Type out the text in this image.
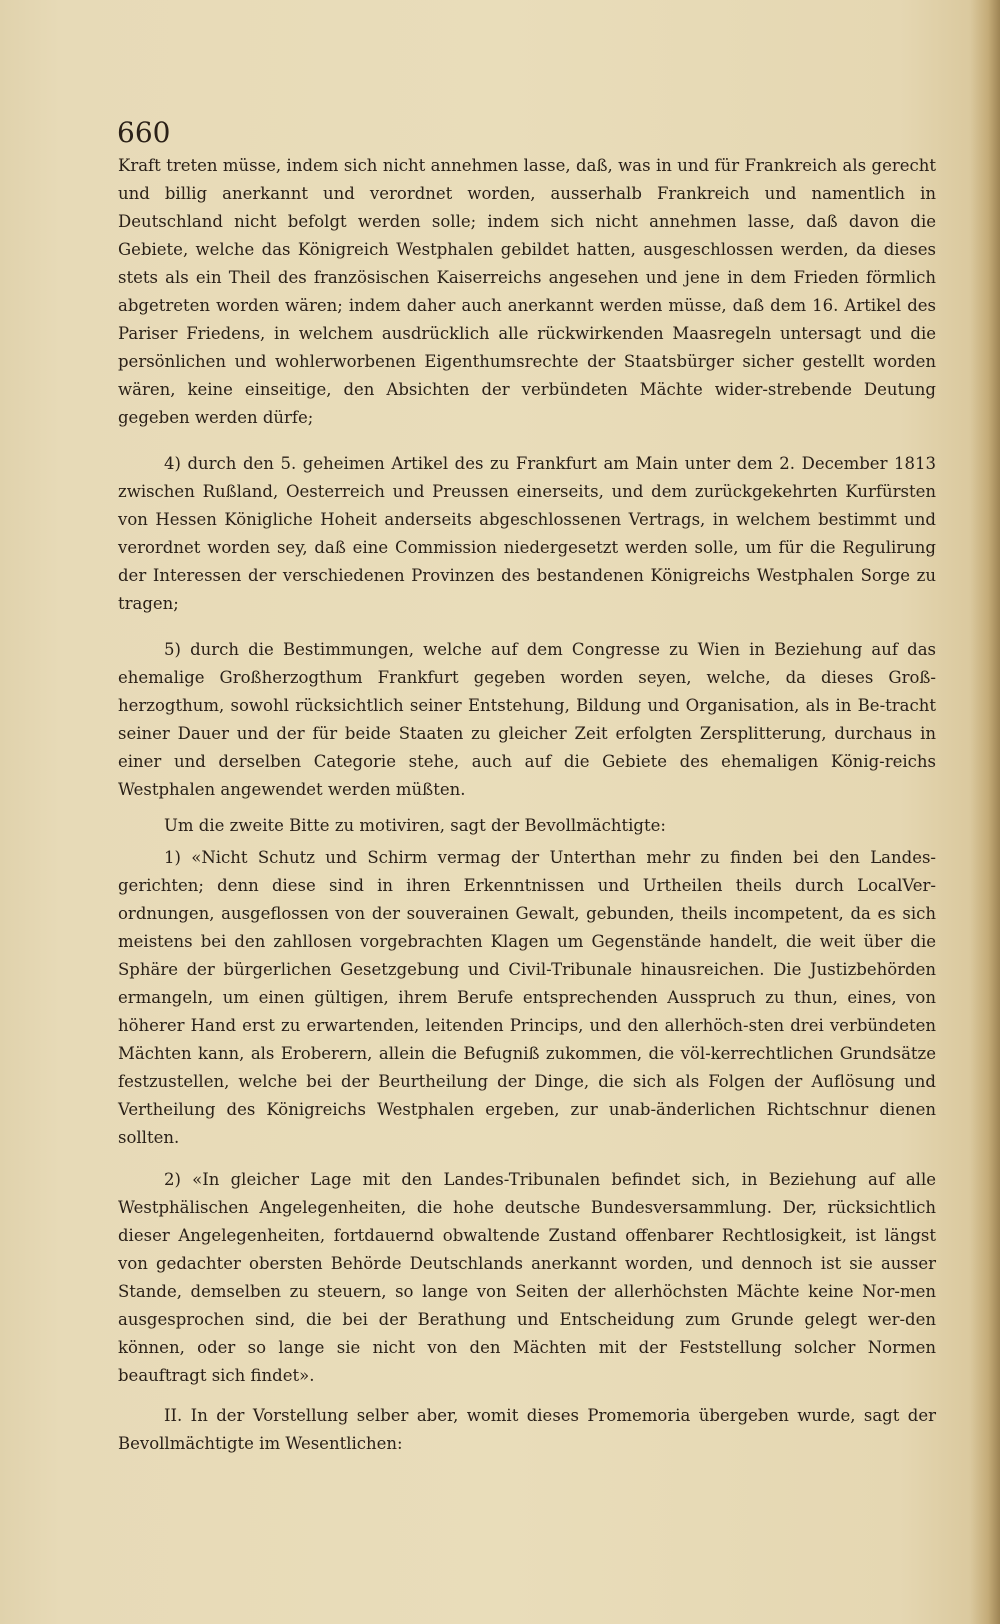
660

Kraft treten müsse, indem sich nicht annehmen lasse, daß, was in und für Frankreich als gerecht und billig anerkannt und verordnet worden, ausserhalb Frankreich und namentlich in Deutschland nicht befolgt werden solle; indem sich nicht annehmen lasse, daß davon die Gebiete, welche das Königreich Westphalen gebildet hatten, ausgeschlossen werden, da dieses stets als ein Theil des französischen Kaiserreichs angesehen und jene in dem Frieden förmlich abgetreten worden wären; indem daher auch anerkannt werden müsse, daß dem 16. Artikel des Pariser Friedens, in welchem ausdrücklich alle rückwirkenden Maasregeln untersagt und die persönlichen und wohlerworbenen Eigenthumsrechte der Staatsbürger sicher gestellt worden wären, keine einseitige, den Absichten der verbündeten Mächte wider-strebende Deutung gegeben werden dürfe;

4) durch den 5. geheimen Artikel des zu Frankfurt am Main unter dem 2. December 1813 zwischen Rußland, Oesterreich und Preussen einerseits, und dem zurückgekehrten Kurfürsten von Hessen Königliche Hoheit anderseits abgeschlossenen Vertrags, in welchem bestimmt und verordnet worden sey, daß eine Commission niedergesetzt werden solle, um für die Regulirung der Interessen der verschiedenen Provinzen des bestandenen Königreichs Westphalen Sorge zu tragen;

5) durch die Bestimmungen, welche auf dem Congresse zu Wien in Beziehung auf das ehemalige Großherzogthum Frankfurt gegeben worden seyen, welche, da dieses Groß-herzogthum, sowohl rücksichtlich seiner Entstehung, Bildung und Organisation, als in Be-tracht seiner Dauer und der für beide Staaten zu gleicher Zeit erfolgten Zersplitterung, durchaus in einer und derselben Categorie stehe, auch auf die Gebiete des ehemaligen König-reichs Westphalen angewendet werden müßten.

Um die zweite Bitte zu motiviren, sagt der Bevollmächtigte:

1) «Nicht Schutz und Schirm vermag der Unterthan mehr zu finden bei den Landes-gerichten; denn diese sind in ihren Erkenntnissen und Urtheilen theils durch LocalVer-ordnungen, ausgeflossen von der souverainen Gewalt, gebunden, theils incompetent, da es sich meistens bei den zahllosen vorgebrachten Klagen um Gegenstände handelt, die weit über die Sphäre der bürgerlichen Gesetzgebung und Civil-Tribunale hinausreichen. Die Justizbehörden ermangeln, um einen gültigen, ihrem Berufe entsprechenden Ausspruch zu thun, eines, von höherer Hand erst zu erwartenden, leitenden Princips, und den allerhöch-sten drei verbündeten Mächten kann, als Eroberern, allein die Befugniß zukommen, die völ-kerrechtlichen Grundsätze festzustellen, welche bei der Beurtheilung der Dinge, die sich als Folgen der Auflösung und Vertheilung des Königreichs Westphalen ergeben, zur unab-änderlichen Richtschnur dienen sollten.

2) «In gleicher Lage mit den Landes-Tribunalen befindet sich, in Beziehung auf alle Westphälischen Angelegenheiten, die hohe deutsche Bundesversammlung. Der, rücksichtlich dieser Angelegenheiten, fortdauernd obwaltende Zustand offenbarer Rechtlosigkeit, ist längst von gedachter obersten Behörde Deutschlands anerkannt worden, und dennoch ist sie ausser Stande, demselben zu steuern, so lange von Seiten der allerhöchsten Mächte keine Nor-men ausgesprochen sind, die bei der Berathung und Entscheidung zum Grunde gelegt wer-den können, oder so lange sie nicht von den Mächten mit der Feststellung solcher Normen beauftragt sich findet».

II. In der Vorstellung selber aber, womit dieses Promemoria übergeben wurde, sagt der Bevollmächtigte im Wesentlichen:
